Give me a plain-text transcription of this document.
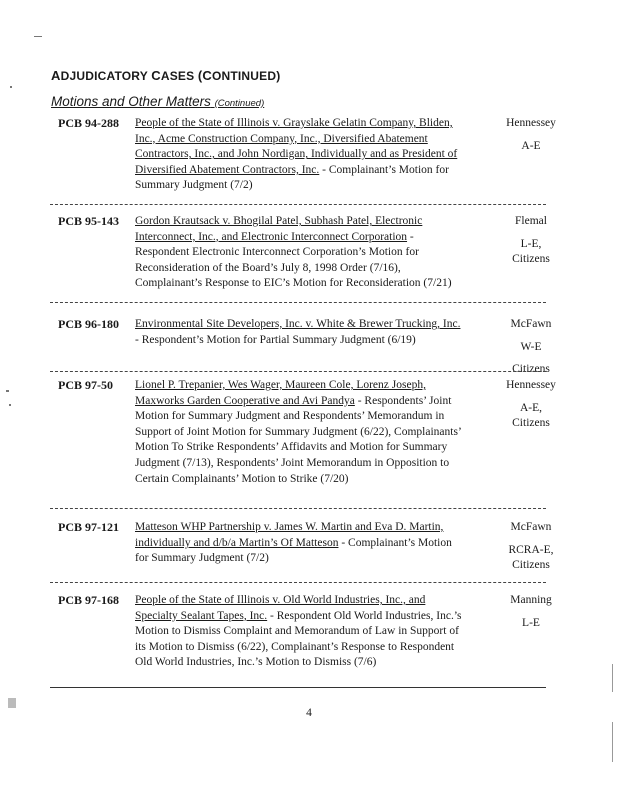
ADJUDICATORY CASES (CONTINUED)
Motions and Other Matters (Continued)
PCB 94-288 People of the State of Illinois v. Grayslake Gelatin Company, Bliden, Inc., Acme Construction Company, Inc., Diversified Abatement Contractors, Inc., and John Nordigan, Individually and as President of Diversified Abatement Contractors, Inc. - Complainant’s Motion for Summary Judgment (7/2)
Hennessey
A-E
PCB 95-143 Gordon Krautsack v. Bhogilal Patel, Subhash Patel, Electronic Interconnect, Inc., and Electronic Interconnect Corporation - Respondent Electronic Interconnect Corporation’s Motion for Reconsideration of the Board’s July 8, 1998 Order (7/16), Complainant’s Response to EIC’s Motion for Reconsideration (7/21)
Flemal
L-E,
Citizens
PCB 96-180 Environmental Site Developers, Inc. v. White & Brewer Trucking, Inc. - Respondent’s Motion for Partial Summary Judgment (6/19)
McFawn
W-E
Citizens
PCB 97-50 Lionel P. Trepanier, Wes Wager, Maureen Cole, Lorenz Joseph, Maxworks Garden Cooperative and Avi Pandya - Respondents’ Joint Motion for Summary Judgment and Respondents’ Memorandum in Support of Joint Motion for Summary Judgment (6/22), Complainants’ Motion To Strike Respondents’ Affidavits and Motion for Summary Judgment (7/13), Respondents’ Joint Memorandum in Opposition to Certain Complainants’ Motion to Strike (7/20)
Hennessey
A-E,
Citizens
PCB 97-121 Matteson WHP Partnership v. James W. Martin and Eva D. Martin, individually and d/b/a Martin’s Of Matteson - Complainant’s Motion for Summary Judgment (7/2)
McFawn
RCRA-E,
Citizens
PCB 97-168 People of the State of Illinois v. Old World Industries, Inc., and Specialty Sealant Tapes, Inc. - Respondent Old World Industries, Inc.’s Motion to Dismiss Complaint and Memorandum of Law in Support of its Motion to Dismiss (6/22), Complainant’s Response to Respondent Old World Industries, Inc.’s Motion to Dismiss (7/6)
Manning
L-E
4
